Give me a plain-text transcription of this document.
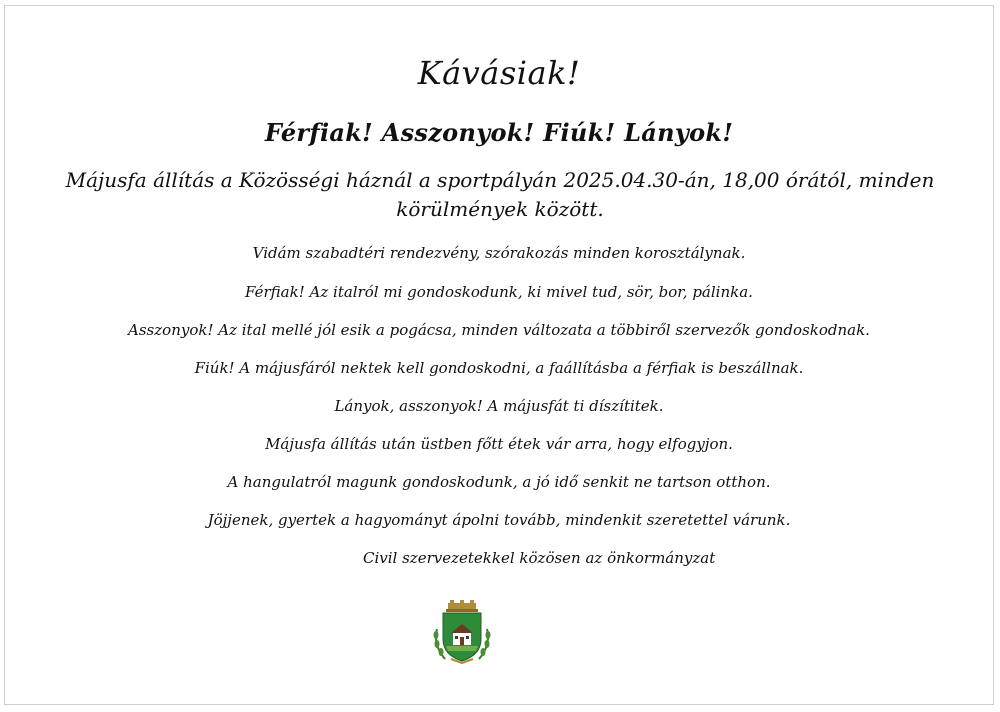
Kávásiak!
Férfiak! Asszonyok! Fiúk! Lányok!
Májusfa állítás a Közösségi háznál a sportpályán 2025.04.30-án, 18,00 órától, minden körülmények között.
Vidám szabadtéri rendezvény, szórakozás minden korosztálynak.
Férfiak! Az italról mi gondoskodunk, ki mivel tud, sör, bor, pálinka.
Asszonyok! Az ital mellé jól esik a pogácsa, minden változata a többiről szervezők gondoskodnak.
Fiúk! A májusfáról nektek kell gondoskodni, a faállításba a férfiak is beszállnak.
Lányok, asszonyok! A májusfát ti díszítitek.
Májusfa állítás után üstben főtt étek vár arra, hogy elfogyjon.
A hangulatról magunk gondoskodunk, a jó idő senkit ne tartson otthon.
Jöjjenek, gyertek a hagyományt ápolni tovább, mindenkit szeretettel várunk.
Civil szervezetekkel közösen az önkormányzat
